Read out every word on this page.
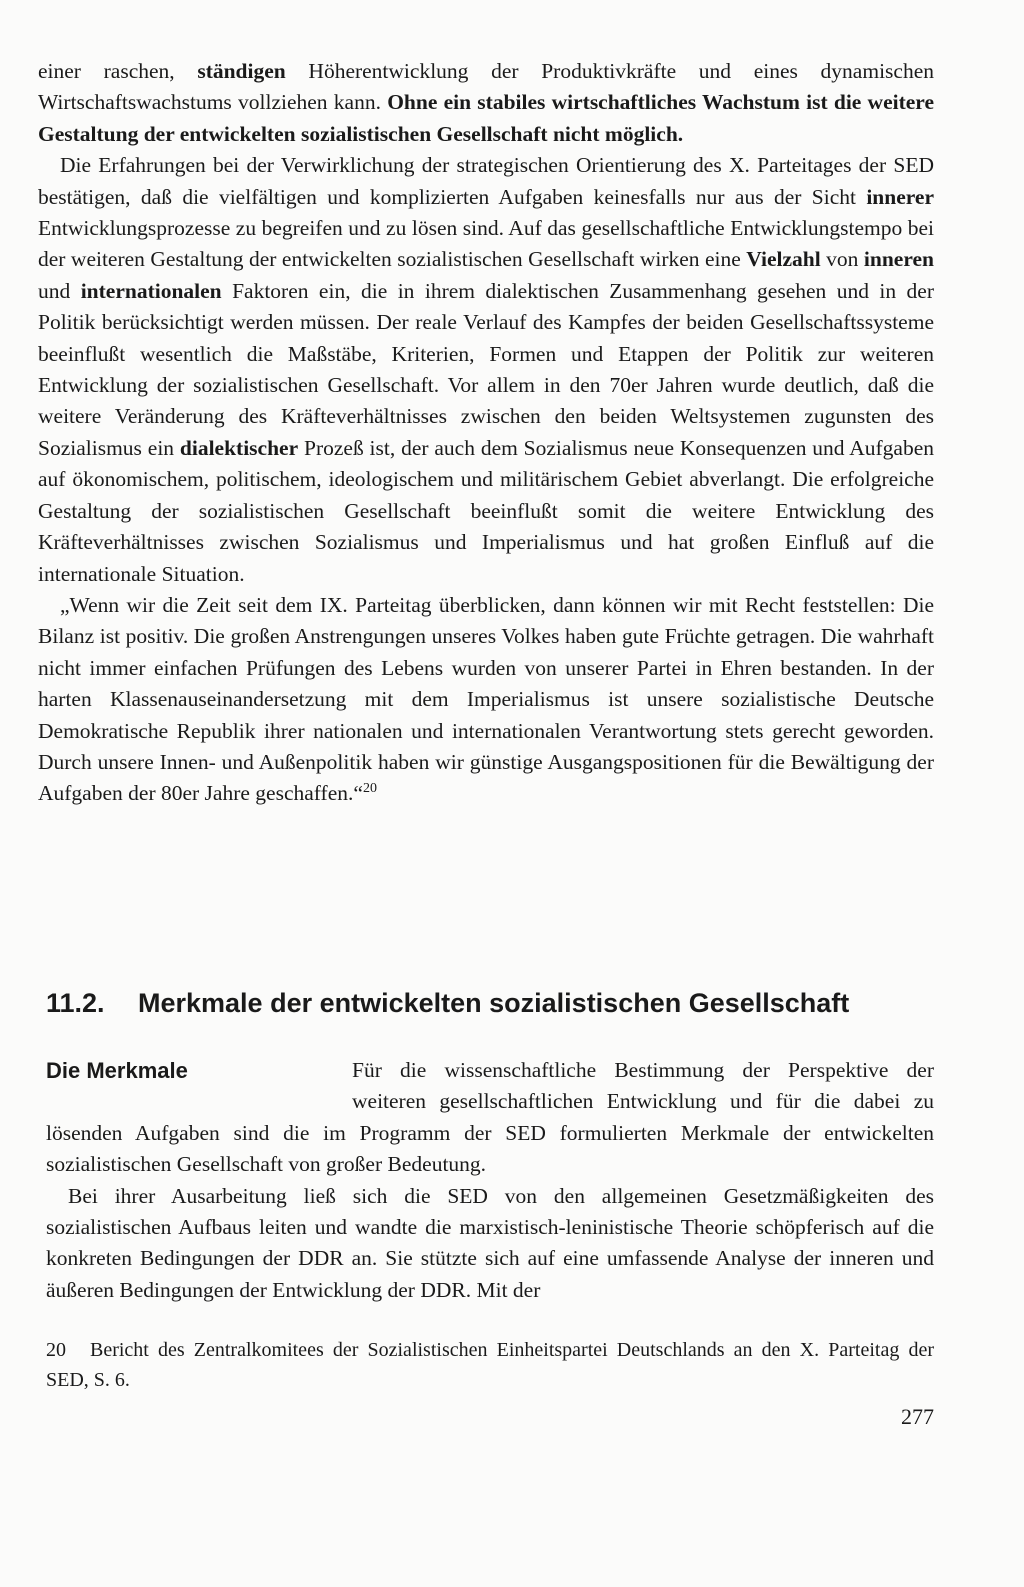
einer raschen, ständigen Höherentwicklung der Produktivkräfte und eines dynamischen Wirtschaftswachstums vollziehen kann. Ohne ein stabiles wirtschaftliches Wachstum ist die weitere Gestaltung der entwickelten sozialistischen Gesellschaft nicht möglich.

Die Erfahrungen bei der Verwirklichung der strategischen Orientierung des X. Parteitages der SED bestätigen, daß die vielfältigen und komplizierten Aufgaben keinesfalls nur aus der Sicht innerer Entwicklungsprozesse zu begreifen und zu lösen sind. Auf das gesellschaftliche Entwicklungstempo bei der weiteren Gestaltung der entwickelten sozialistischen Gesellschaft wirken eine Vielzahl von inneren und internationalen Faktoren ein, die in ihrem dialektischen Zusammenhang gesehen und in der Politik berücksichtigt werden müssen. Der reale Verlauf des Kampfes der beiden Gesellschaftssysteme beeinflußt wesentlich die Maßstäbe, Kriterien, Formen und Etappen der Politik zur weiteren Entwicklung der sozialistischen Gesellschaft. Vor allem in den 70er Jahren wurde deutlich, daß die weitere Veränderung des Kräfteverhältnisses zwischen den beiden Weltsystemen zugunsten des Sozialismus ein dialektischer Prozeß ist, der auch dem Sozialismus neue Konsequenzen und Aufgaben auf ökonomischem, politischem, ideologischem und militärischem Gebiet abverlangt. Die erfolgreiche Gestaltung der sozialistischen Gesellschaft beeinflußt somit die weitere Entwicklung des Kräfteverhältnisses zwischen Sozialismus und Imperialismus und hat großen Einfluß auf die internationale Situation.

„Wenn wir die Zeit seit dem IX. Parteitag überblicken, dann können wir mit Recht feststellen: Die Bilanz ist positiv. Die großen Anstrengungen unseres Volkes haben gute Früchte getragen. Die wahrhaft nicht immer einfachen Prüfungen des Lebens wurden von unserer Partei in Ehren bestanden. In der harten Klassenauseinandersetzung mit dem Imperialismus ist unsere sozialistische Deutsche Demokratische Republik ihrer nationalen und internationalen Verantwortung stets gerecht geworden. Durch unsere Innen- und Außenpolitik haben wir günstige Ausgangspositionen für die Bewältigung der Aufgaben der 80er Jahre geschaffen.“$^{20}$

11.2. Merkmale der entwickelten sozialistischen Gesellschaft
Die Merkmale	Für die wissenschaftliche Bestimmung der Perspektive der weiteren gesellschaftlichen Entwicklung und für die dabei zu lösenden Aufgaben sind die im Programm der SED formulierten Merkmale der entwickelten sozialistischen Gesellschaft von großer Bedeutung.

Bei ihrer Ausarbeitung ließ sich die SED von den allgemeinen Gesetzmäßigkeiten des sozialistischen Aufbaus leiten und wandte die marxistisch-leninistische Theorie schöpferisch auf die konkreten Bedingungen der DDR an. Sie stützte sich auf eine umfassende Analyse der inneren und äußeren Bedingungen der Entwicklung der DDR. Mit der

20 Bericht des Zentralkomitees der Sozialistischen Einheitspartei Deutschlands an den X. Parteitag der SED, S. 6.
277
